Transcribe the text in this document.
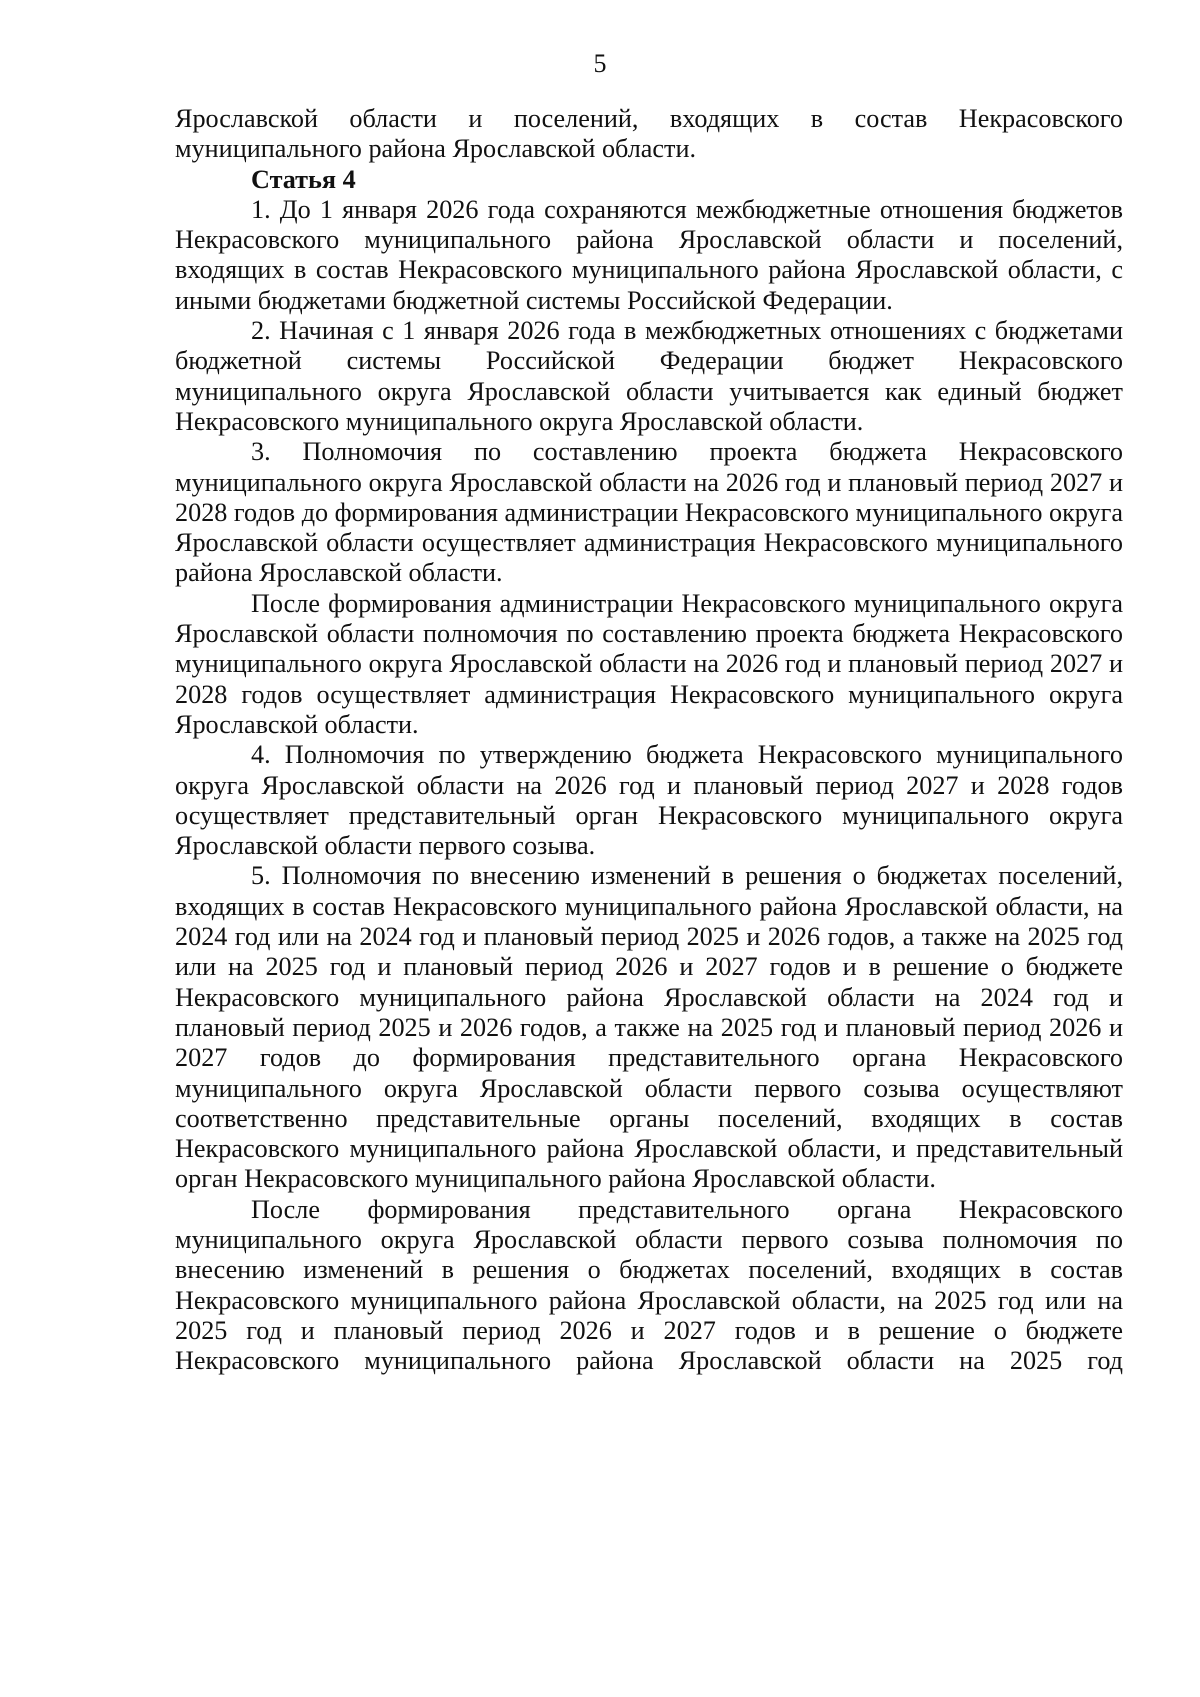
5

Ярославской области и поселений, входящих в состав Некрасовского муниципального района Ярославской области.

Статья 4

1. До 1 января 2026 года сохраняются межбюджетные отношения бюджетов Некрасовского муниципального района Ярославской области и поселений, входящих в состав Некрасовского муниципального района Ярославской области, с иными бюджетами бюджетной системы Российской Федерации.

2. Начиная с 1 января 2026 года в межбюджетных отношениях с бюджетами бюджетной системы Российской Федерации бюджет Некрасовского муниципального округа Ярославской области учитывается как единый бюджет Некрасовского муниципального округа Ярославской области.

3. Полномочия по составлению проекта бюджета Некрасовского муниципального округа Ярославской области на 2026 год и плановый период 2027 и 2028 годов до формирования администрации Некрасовского муниципального округа Ярославской области осуществляет администрация Некрасовского муниципального района Ярославской области.

После формирования администрации Некрасовского муниципального округа Ярославской области полномочия по составлению проекта бюджета Некрасовского муниципального округа Ярославской области на 2026 год и плановый период 2027 и 2028 годов осуществляет администрация Некрасовского муниципального округа Ярославской области.

4. Полномочия по утверждению бюджета Некрасовского муниципального округа Ярославской области на 2026 год и плановый период 2027 и 2028 годов осуществляет представительный орган Некрасовского муниципального округа Ярославской области первого созыва.

5. Полномочия по внесению изменений в решения о бюджетах поселений, входящих в состав Некрасовского муниципального района Ярославской области, на 2024 год или на 2024 год и плановый период 2025 и 2026 годов, а также на 2025 год или на 2025 год и плановый период 2026 и 2027 годов и в решение о бюджете Некрасовского муниципального района Ярославской области на 2024 год и плановый период 2025 и 2026 годов, а также на 2025 год и плановый период 2026 и 2027 годов до формирования представительного органа Некрасовского муниципального округа Ярославской области первого созыва осуществляют соответственно представительные органы поселений, входящих в состав Некрасовского муниципального района Ярославской области, и представительный орган Некрасовского муниципального района Ярославской области.

После формирования представительного органа Некрасовского муниципального округа Ярославской области первого созыва полномочия по внесению изменений в решения о бюджетах поселений, входящих в состав Некрасовского муниципального района Ярославской области, на 2025 год или на 2025 год и плановый период 2026 и 2027 годов и в решение о бюджете Некрасовского муниципального района Ярославской области на 2025 год
